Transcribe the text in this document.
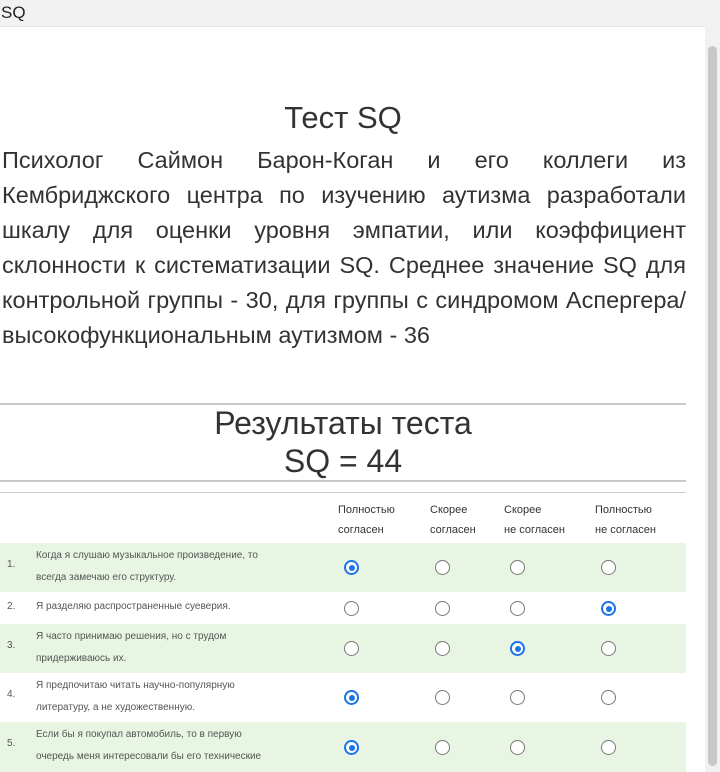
SQ
Тест SQ

Психолог Саймон Барон-Коган и его коллеги из Кембриджского центра по изучению аутизма разработали шкалу для оценки уровня эмпатии, или коэффициент склонности к систематизации SQ. Среднее значение SQ для контрольной группы - 30, для группы с синдромом Аспергера/высокофункциональным аутизмом - 36

Результаты теста
SQ = 44
Полностью
согласен
Скорее
согласен
Скорее
не согласен
Полностью
не согласен
1.
Когда я слушаю музыкальное произведение, то
всегда замечаю его структуру.
2. Я разделяю распространенные суеверия.
3.
Я часто принимаю решения, но с трудом
придерживаюсь их.
4.
Я предпочитаю читать научно-популярную
литературу, а не художественную.
5.
Если бы я покупал автомобиль, то в первую
очередь меня интересовали бы его технические
